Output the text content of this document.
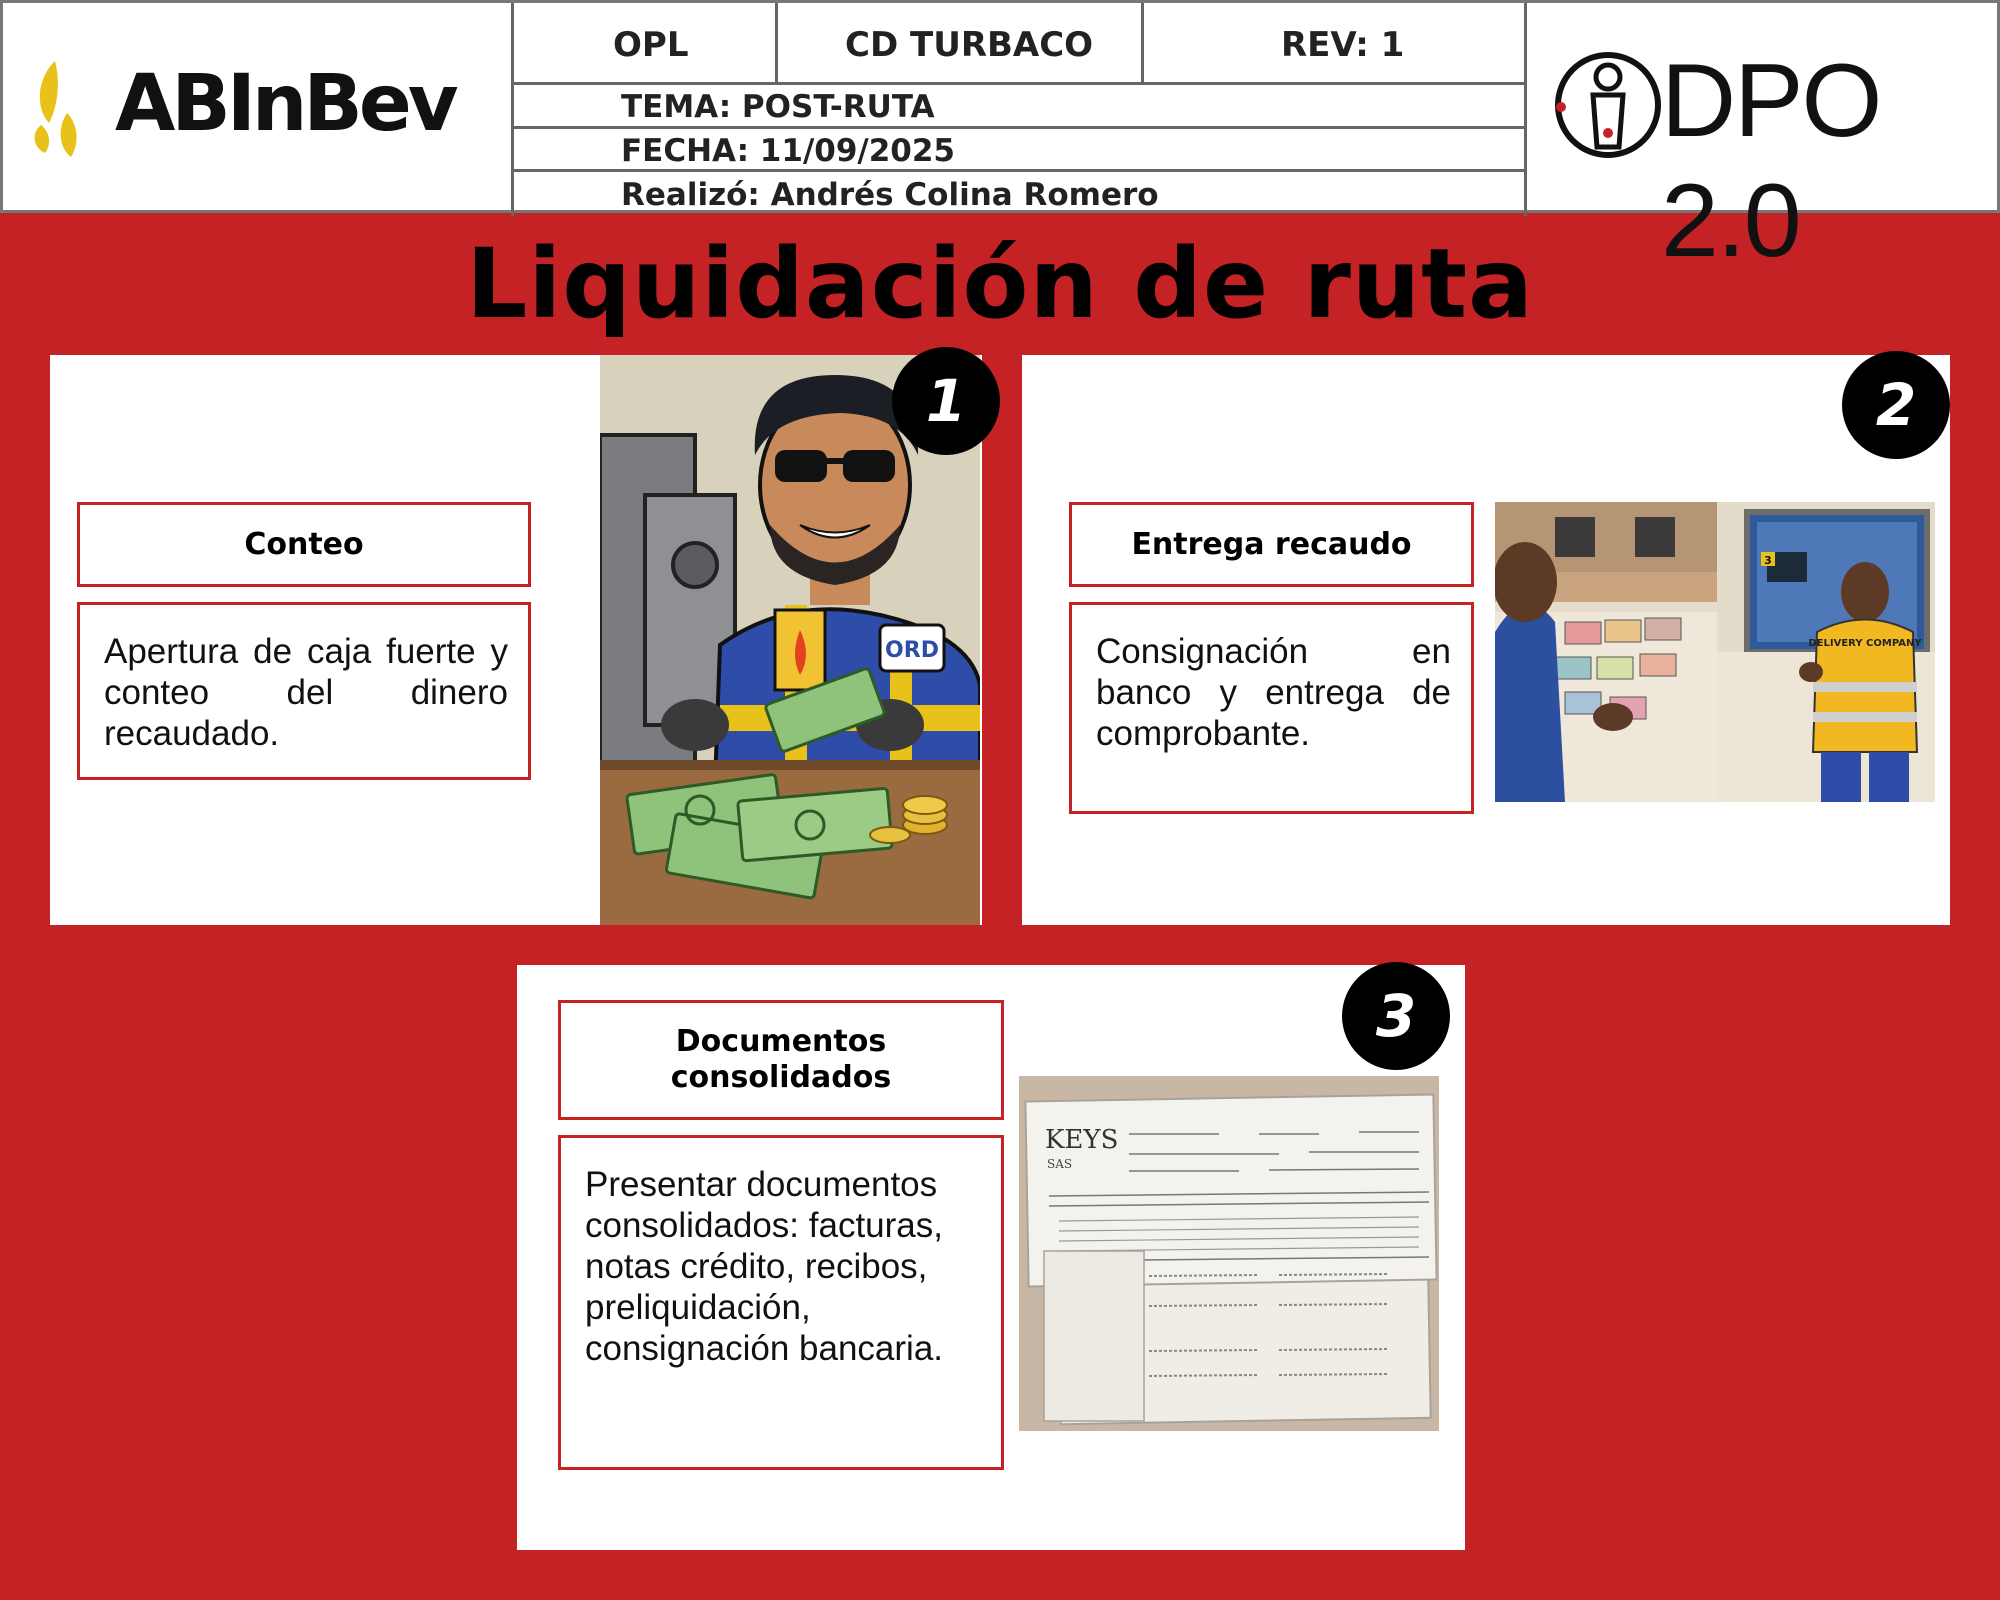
ABInBev
OPL	CD TURBACO	REV: 1
TEMA: POST-RUTA
FECHA: 11/09/2025
Realizó: Andrés Colina Romero
DPO 2.0
Liquidación de ruta
Conteo
Apertura de caja fuerte y conteo del dinero recaudado.
ORD
1
Entrega recaudo
Consignación en banco y entrega de comprobante.
3
DELIVERY COMPANY
2
Documentos consolidados
Presentar documentos consolidados: facturas, notas crédito, recibos, preliquidación, consignación bancaria.
KEYS
SAS
3
